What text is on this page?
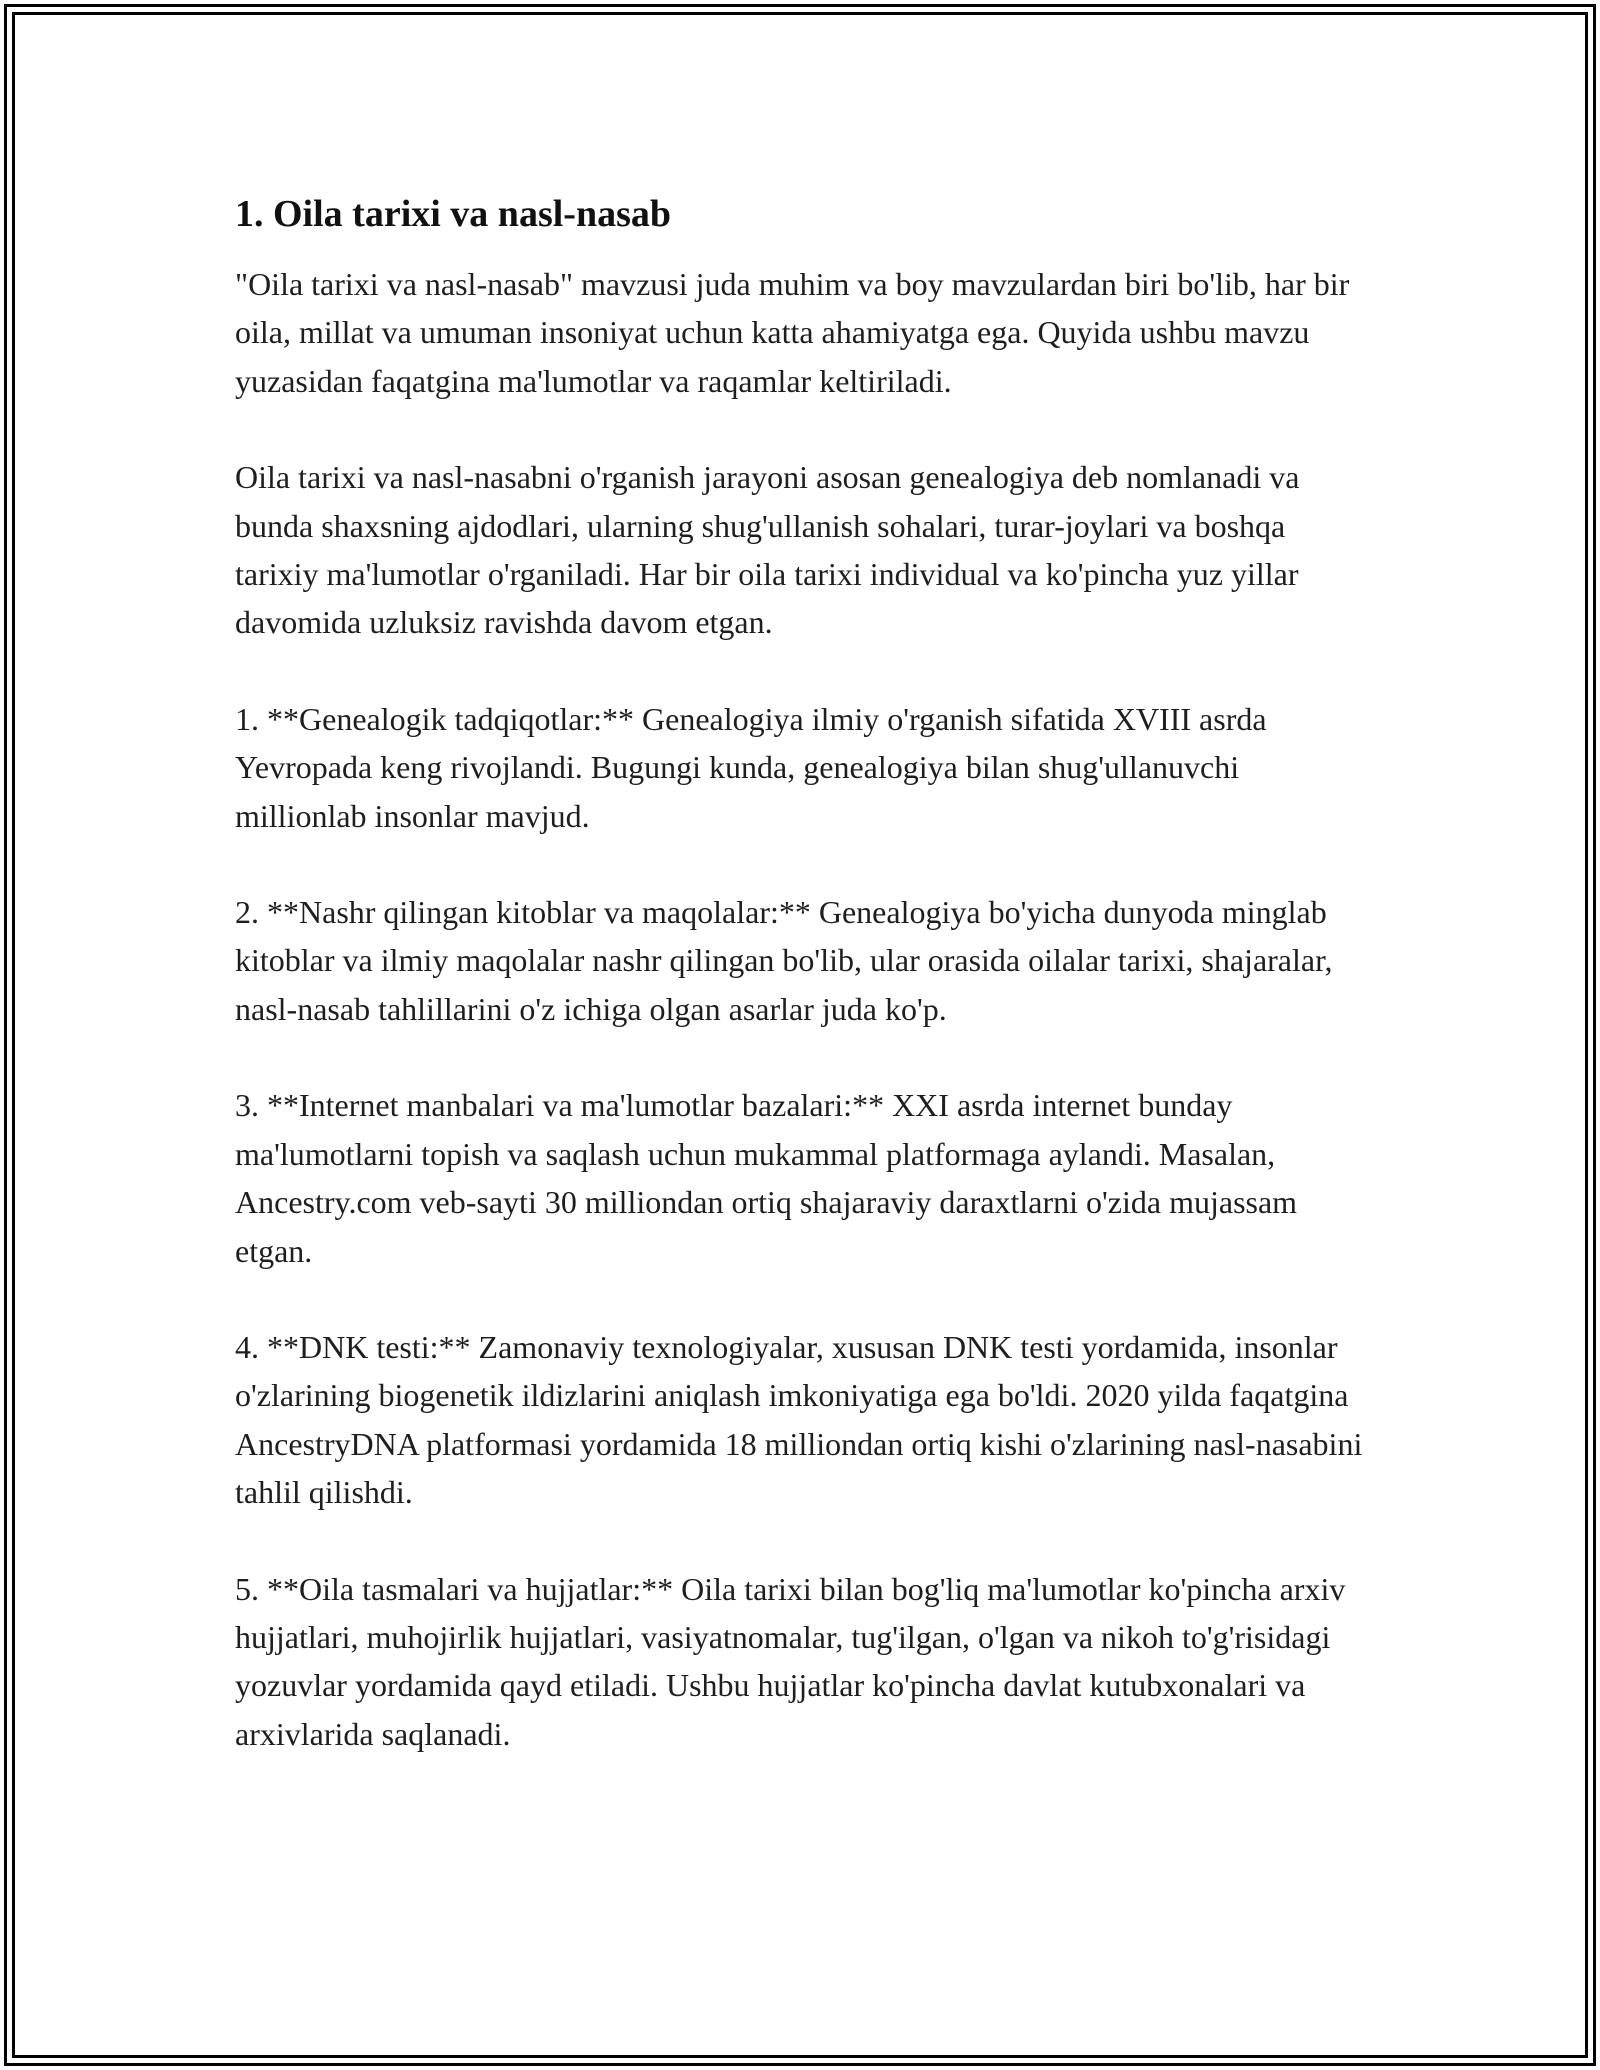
1. Oila tarixi va nasl-nasab

"Oila tarixi va nasl-nasab" mavzusi juda muhim va boy mavzulardan biri bo'lib, har bir oila, millat va umuman insoniyat uchun katta ahamiyatga ega. Quyida ushbu mavzu yuzasidan faqatgina ma'lumotlar va raqamlar keltiriladi.

Oila tarixi va nasl-nasabni o'rganish jarayoni asosan genealogiya deb nomlanadi va bunda shaxsning ajdodlari, ularning shug'ullanish sohalari, turar-joylari va boshqa tarixiy ma'lumotlar o'rganiladi. Har bir oila tarixi individual va ko'pincha yuz yillar davomida uzluksiz ravishda davom etgan.

1. **Genealogik tadqiqotlar:** Genealogiya ilmiy o'rganish sifatida XVIII asrda Yevropada keng rivojlandi. Bugungi kunda, genealogiya bilan shug'ullanuvchi millionlab insonlar mavjud.

2. **Nashr qilingan kitoblar va maqolalar:** Genealogiya bo'yicha dunyoda minglab kitoblar va ilmiy maqolalar nashr qilingan bo'lib, ular orasida oilalar tarixi, shajaralar, nasl-nasab tahlillarini o'z ichiga olgan asarlar juda ko'p.

3. **Internet manbalari va ma'lumotlar bazalari:** XXI asrda internet bunday ma'lumotlarni topish va saqlash uchun mukammal platformaga aylandi. Masalan, Ancestry.com veb-sayti 30 milliondan ortiq shajaraviy daraxtlarni o'zida mujassam etgan.

4. **DNK testi:** Zamonaviy texnologiyalar, xususan DNK testi yordamida, insonlar o'zlarining biogenetik ildizlarini aniqlash imkoniyatiga ega bo'ldi. 2020 yilda faqatgina AncestryDNA platformasi yordamida 18 milliondan ortiq kishi o'zlarining nasl-nasabini tahlil qilishdi.

5. **Oila tasmalari va hujjatlar:** Oila tarixi bilan bog'liq ma'lumotlar ko'pincha arxiv hujjatlari, muhojirlik hujjatlari, vasiyatnomalar, tug'ilgan, o'lgan va nikoh to'g'risidagi yozuvlar yordamida qayd etiladi. Ushbu hujjatlar ko'pincha davlat kutubxonalari va arxivlarida saqlanadi.
